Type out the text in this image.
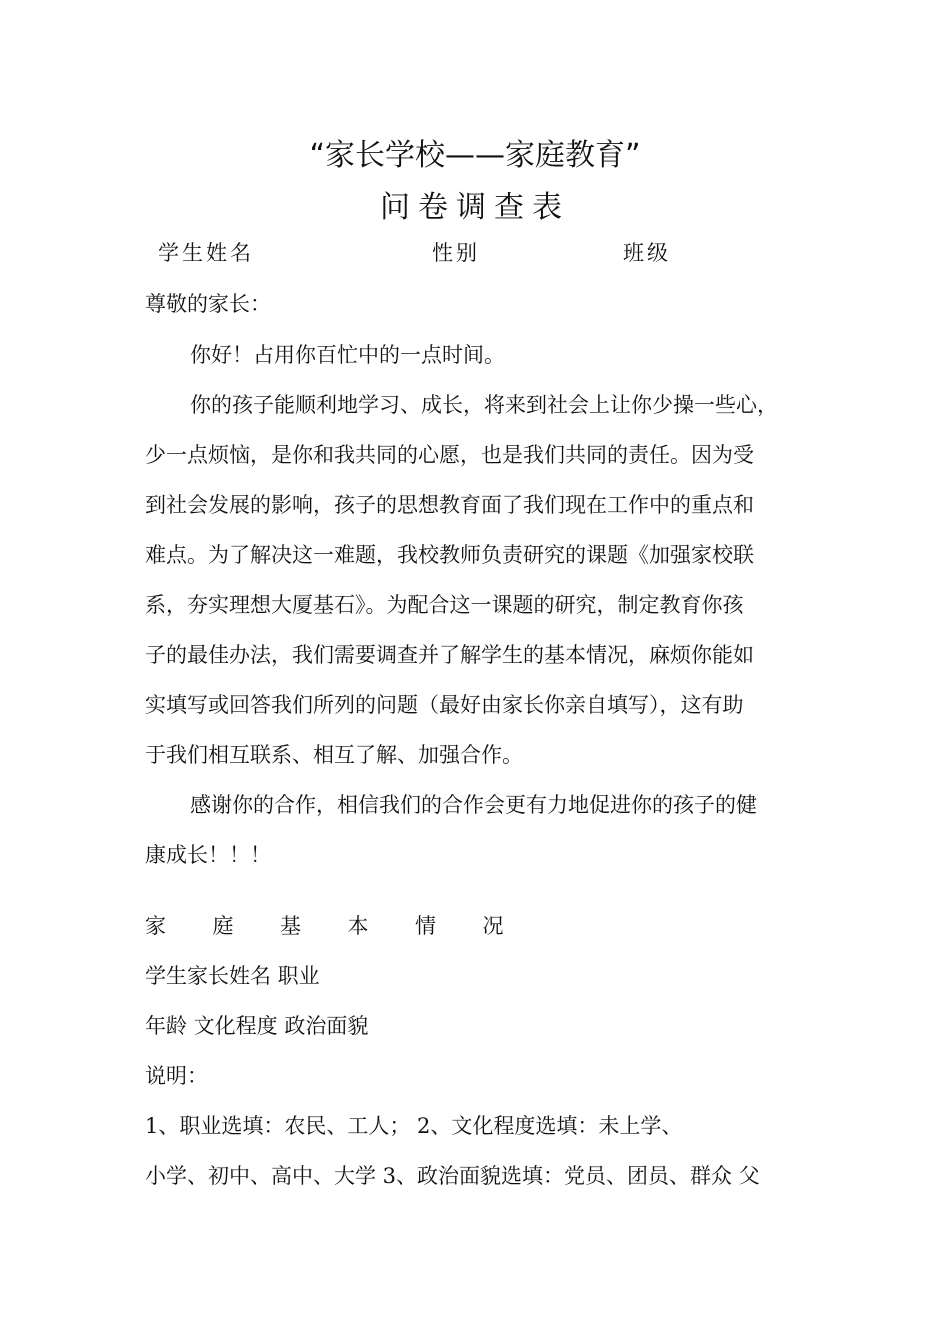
“家长学校——家庭教育”
问卷调查表
学生姓名	性别	班级
尊敬的家长：
你好！占用你百忙中的一点时间。
你的孩子能顺利地学习、成长，将来到社会上让你少操一些心，
少一点烦恼，是你和我共同的心愿，也是我们共同的责任。因为受
到社会发展的影响，孩子的思想教育面了我们现在工作中的重点和
难点。为了解决这一难题，我校教师负责研究的课题《加强家校联
系，夯实理想大厦基石》。为配合这一课题的研究，制定教育你孩
子的最佳办法，我们需要调查并了解学生的基本情况，麻烦你能如
实填写或回答我们所列的问题（最好由家长你亲自填写），这有助
于我们相互联系、相互了解、加强合作。
感谢你的合作，相信我们的合作会更有力地促进你的孩子的健
康成长！！！
家 庭 基 本 情 况
学生家长姓名 职业
年龄 文化程度 政治面貌
说明：
1、职业选填：农民、工人； 2、文化程度选填：未上学、
小学、初中、高中、大学 3、政治面貌选填：党员、团员、群众 父
